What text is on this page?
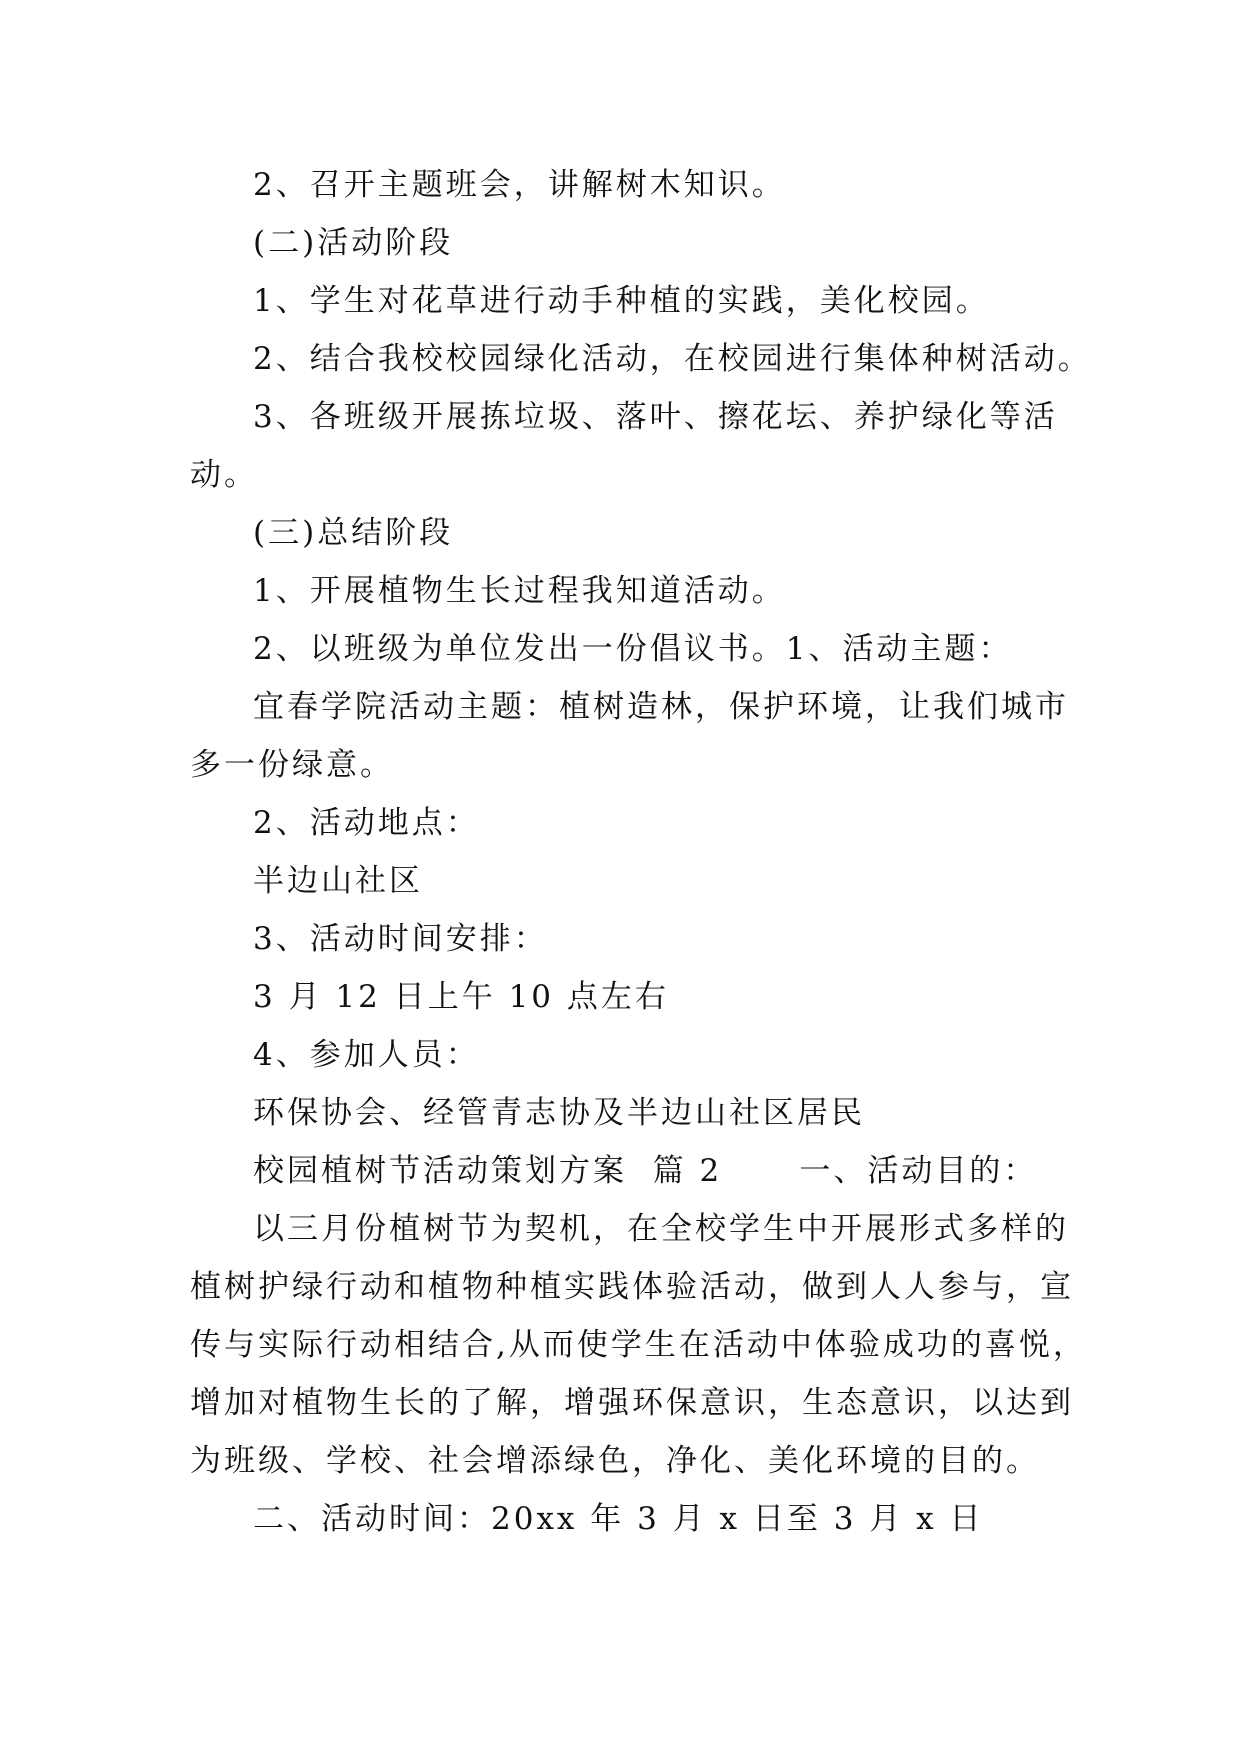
2、召开主题班会，讲解树木知识。

(二)活动阶段

1、学生对花草进行动手种植的实践，美化校园。

2、结合我校校园绿化活动，在校园进行集体种树活动。

3、各班级开展拣垃圾、落叶、擦花坛、养护绿化等活

动。

(三)总结阶段

1、开展植物生长过程我知道活动。

2、以班级为单位发出一份倡议书。1、活动主题：

宜春学院活动主题：植树造林，保护环境，让我们城市

多一份绿意。

2、活动地点：

半边山社区

3、活动时间安排：

3 月 12 日上午 10 点左右

4、参加人员：

环保协会、经管青志协及半边山社区居民

校园植树节活动策划方案  篇 2      一、活动目的：

以三月份植树节为契机，在全校学生中开展形式多样的

植树护绿行动和植物种植实践体验活动，做到人人参与，宣

传与实际行动相结合,从而使学生在活动中体验成功的喜悦，

增加对植物生长的了解，增强环保意识，生态意识，以达到

为班级、学校、社会增添绿色，净化、美化环境的目的。

二、活动时间：20xx 年 3 月 x 日至 3 月 x 日
